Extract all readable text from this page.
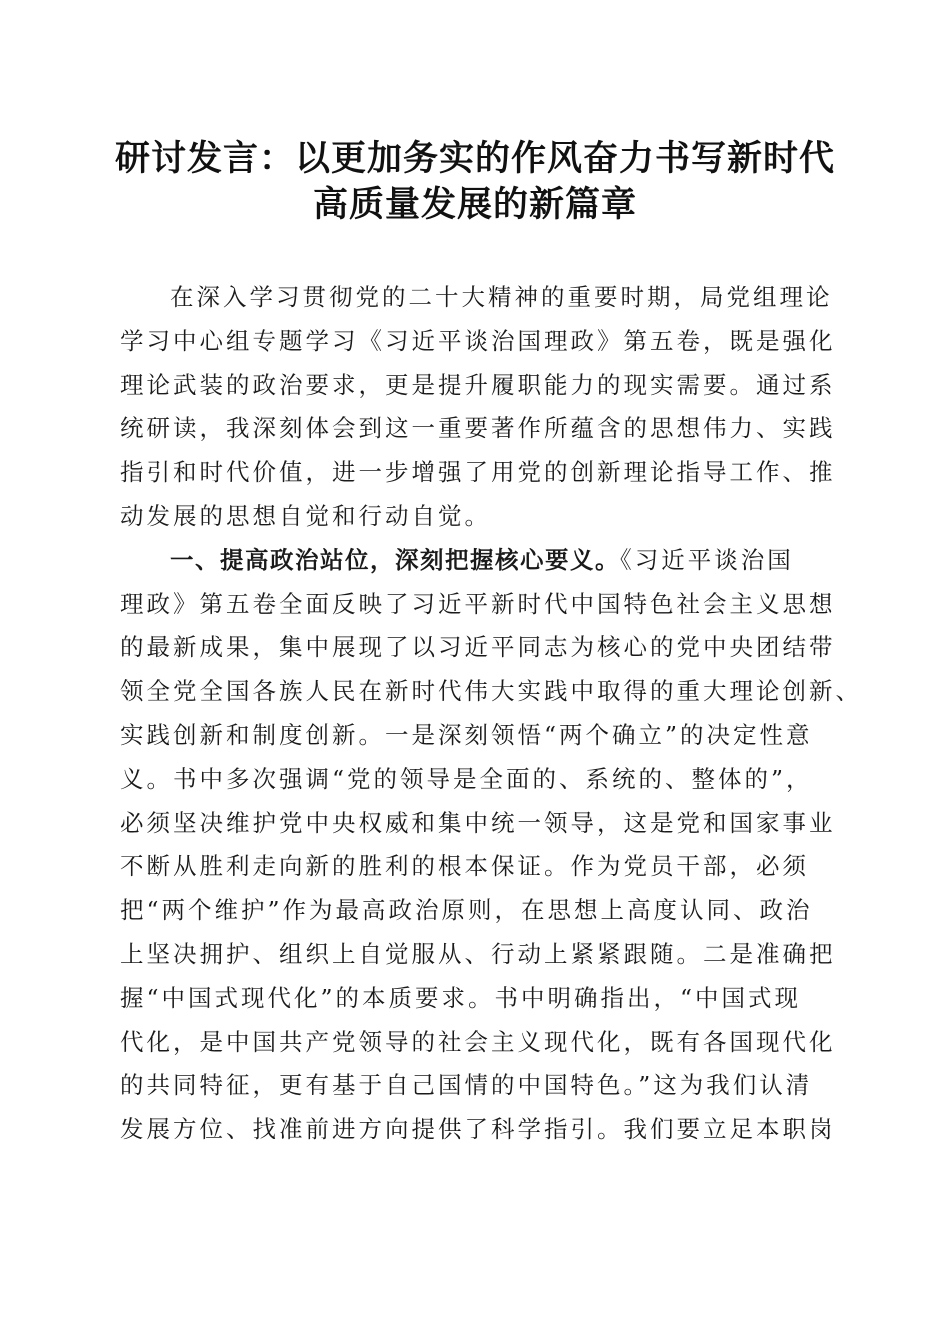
研讨发言：以更加务实的作风奋力书写新时代
高质量发展的新篇章
在深入学习贯彻党的二十大精神的重要时期，局党组理论
学习中心组专题学习《习近平谈治国理政》第五卷，既是强化
理论武装的政治要求，更是提升履职能力的现实需要。通过系
统研读，我深刻体会到这一重要著作所蕴含的思想伟力、实践
指引和时代价值，进一步增强了用党的创新理论指导工作、推
动发展的思想自觉和行动自觉。
一、提高政治站位，深刻把握核心要义。《习近平谈治国
理政》第五卷全面反映了习近平新时代中国特色社会主义思想
的最新成果，集中展现了以习近平同志为核心的党中央团结带
领全党全国各族人民在新时代伟大实践中取得的重大理论创新、
实践创新和制度创新。一是深刻领悟“两个确立”的决定性意
义。书中多次强调“党的领导是全面的、系统的、整体的”，
必须坚决维护党中央权威和集中统一领导，这是党和国家事业
不断从胜利走向新的胜利的根本保证。作为党员干部，必须
把“两个维护”作为最高政治原则，在思想上高度认同、政治
上坚决拥护、组织上自觉服从、行动上紧紧跟随。二是准确把
握“中国式现代化”的本质要求。书中明确指出，“中国式现
代化，是中国共产党领导的社会主义现代化，既有各国现代化
的共同特征，更有基于自己国情的中国特色。”这为我们认清
发展方位、找准前进方向提供了科学指引。我们要立足本职岗
